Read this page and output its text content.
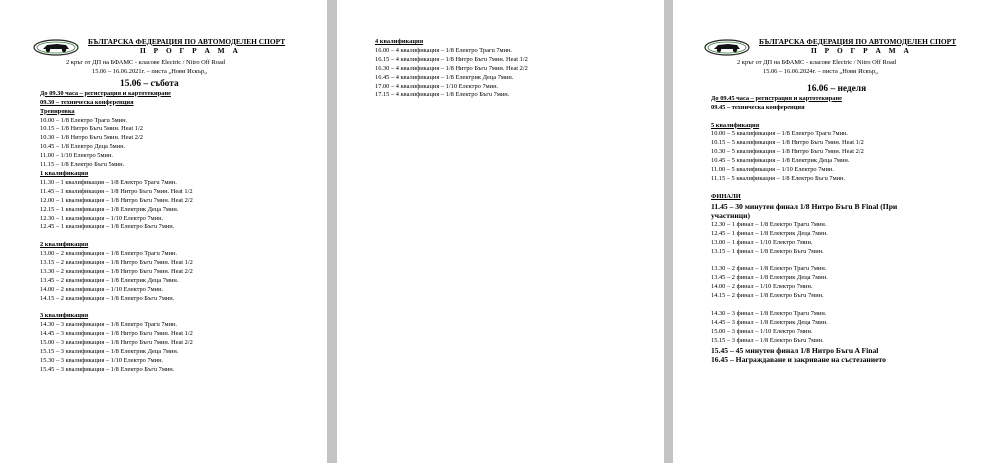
БЪЛГАРСКА ФЕДЕРАЦИЯ ПО АВТОМОДЕЛЕН СПОРТ
П Р О Г Р А М А
2 кръг от ДП на БФАМС - класове Electric / Nitro Off Road
15.06 – 16.06.2021г. – писта „Нови Искър„
15.06 – събота
До 09.30 часа – регистрация и картотекиране
09.30 – техническа конференция
Тренировка
10.00 – 1/8 Електро Трагu 5мин.
10.15 – 1/8 Нитро Бъгu 5мин. Heat 1/2
10.30 – 1/8 Нитро Бъгu 5мин. Heat 2/2
10.45 – 1/8 Електро Деца 5мин.
11.00 – 1/10 Електро 5мин.
11.15 – 1/8 Електро Бъгu 5мин.
1 квалификация
11.30 – 1 квалификация – 1/8 Електро Трагu 7мин.
11.45 – 1 квалификация – 1/8 Нитро Бъгu 7мин. Heat 1/2
12.00 – 1 квалификация – 1/8 Нитро Бъгu 7мин. Heat 2/2
12.15 – 1 квалификация – 1/8 Електрик Деца 7мин.
12.30 – 1 квалификация – 1/10 Електро 7мин.
12.45 – 1 квалификация – 1/8 Електро Бъгu 7мин.
2 квалификация
13.00 – 2 квалификация – 1/8 Електро Трагu 7мин.
13.15 – 2 квалификация – 1/8 Нитро Бъгu 7мин. Heat 1/2
13.30 – 2 квалификация – 1/8 Нитро Бъгu 7мин. Heat 2/2
13.45 – 2 квалификация – 1/8 Електрик Деца 7мин.
14.00 – 2 квалификация – 1/10 Електро 7мин.
14.15 – 2 квалификация – 1/8 Електро Бъгu 7мин.
3 квалификация
14.30 – 3 квалификация – 1/8 Електро Трагu 7мин.
14.45 – 3 квалификация – 1/8 Нитро Бъгu 7мин. Heat 1/2
15.00 – 3 квалификация – 1/8 Нитро Бъгu 7мин. Heat 2/2
15.15 – 3 квалификация – 1/8 Електрик Деца 7мин.
15.30 – 3 квалификация – 1/10 Електро 7мин.
15.45 – 3 квалификация – 1/8 Електро Бъгu 7мин.
4 квалификация
16.00 – 4 квалификация – 1/8 Електро Трагu 7мин.
16.15 – 4 квалификация – 1/8 Нитро Бъгu 7мин. Heat 1/2
16.30 – 4 квалификация – 1/8 Нитро Бъгu 7мин. Heat 2/2
16.45 – 4 квалификация – 1/8 Електрик Деца 7мин.
17.00 – 4 квалификация – 1/10 Електро 7мин.
17.15 – 4 квалификация – 1/8 Електро Бъгu 7мин.
БЪЛГАРСКА ФЕДЕРАЦИЯ ПО АВТОМОДЕЛЕН СПОРТ
П Р О Г Р А М А
2 кръг от ДП на БФАМС - класове Electric / Nitro Off Road
15.06 – 16.06.2024г. – писта „Нови Искър„
16.06 – неделя
До 09.45 часа – регистрация и картотекиране
09.45 – техническа конференция
5 квалификация
10.00 – 5 квалификация – 1/8 Електро Трагu 7мин.
10.15 – 5 квалификация – 1/8 Нитро Бъгu 7мин. Heat 1/2
10.30 – 5 квалификация – 1/8 Нитро Бъгu 7мин. Heat 2/2
10.45 – 5 квалификация – 1/8 Електрик Деца 7мин.
11.00 – 5 квалификация – 1/10 Електро 7мин.
11.15 – 5 квалификация – 1/8 Електро Бъгu 7мин.
ФИНАЛИ
11.45 – 30 минутен финал 1/8 Нитро Бъгu B Final (При
участници)
12.30 – 1 финал – 1/8 Електро Трагu 7мин.
12.45 – 1 финал – 1/8 Електрик Деца 7мин.
13.00 – 1 финал – 1/10 Електро 7мин.
13.15 – 1 финал – 1/8 Електро Бъгu 7мин.
13.30 – 2 финал – 1/8 Електро Трагu 7мин.
13.45 – 2 финал – 1/8 Електрик Деца 7мин.
14.00 – 2 финал – 1/10 Електро 7мин.
14.15 – 2 финал – 1/8 Електро Бъгu 7мин.
14.30 – 3 финал – 1/8 Електро Трагu 7мин.
14.45 – 3 финал – 1/8 Електрик Деца 7мин.
15.00 – 3 финал – 1/10 Електро 7мин.
15.15 – 3 финал – 1/8 Електро Бъгu 7мин.
15.45 – 45 минутен финал 1/8 Нитро Бъгu A Final
16.45 – Награждаване и закриване на състезанието
